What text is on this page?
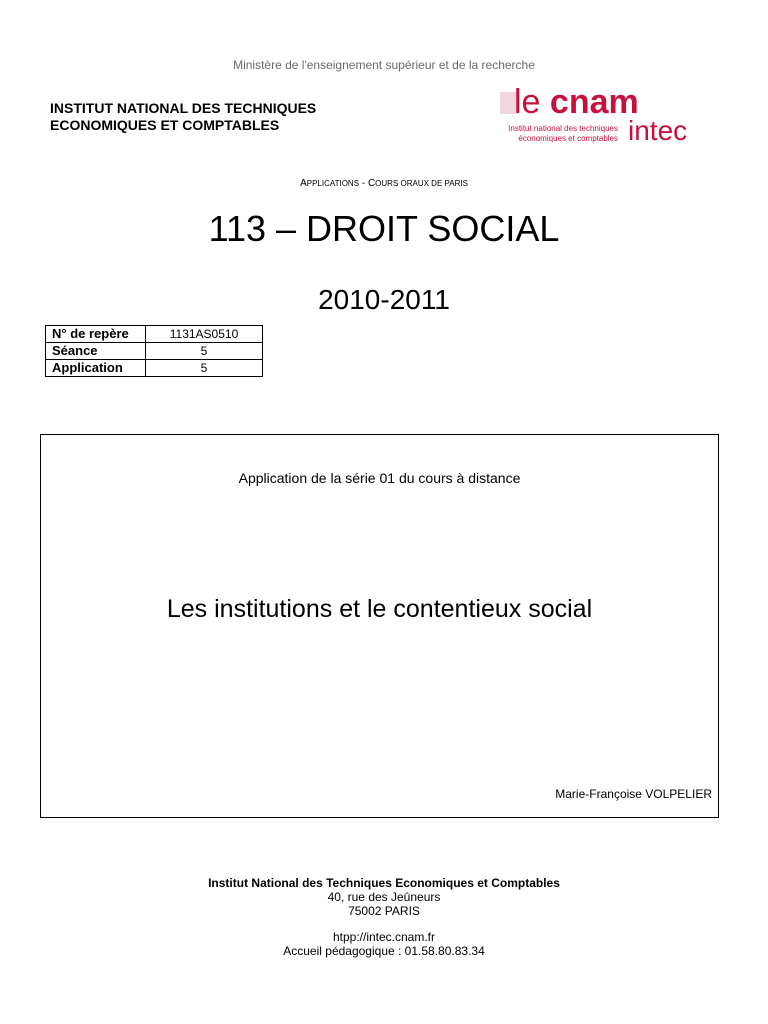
Ministère de l'enseignement supérieur et de la recherche
INSTITUT NATIONAL DES TECHNIQUES
ECONOMIQUES ET COMPTABLES
le cnam
Institut national des techniques
économiques et comptables intec
APPLICATIONS - COURS ORAUX DE PARIS
113 – DROIT SOCIAL
2010-2011
N° de repère	1131AS0510
Séance	5
Application	5
Application de la série 01 du cours à distance
Les institutions et le contentieux social
Marie-Françoise VOLPELIER
Institut National des Techniques Economiques et Comptables
40, rue des Jeûneurs
75002 PARIS
htpp://intec.cnam.fr
Accueil pédagogique : 01.58.80.83.34
